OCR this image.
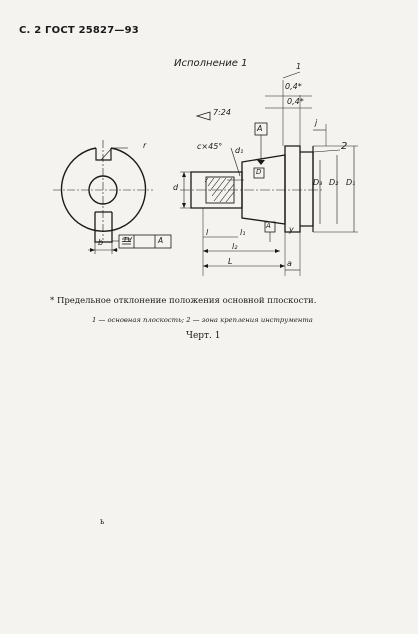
С. 2 ГОСТ 25827—93
Исполнение 1
r
b	TV	A
1
0,4*
0,4*
7:24
A
j
2
c×45° d₁
D
d
D₃ D₂ D₁
A y
l	l₁
l₂
L	a
* Предельное отклонение положения основной плоскости.
1 — основная плоскость; 2 — зона крепления инструмента
Черт. 1
ь
